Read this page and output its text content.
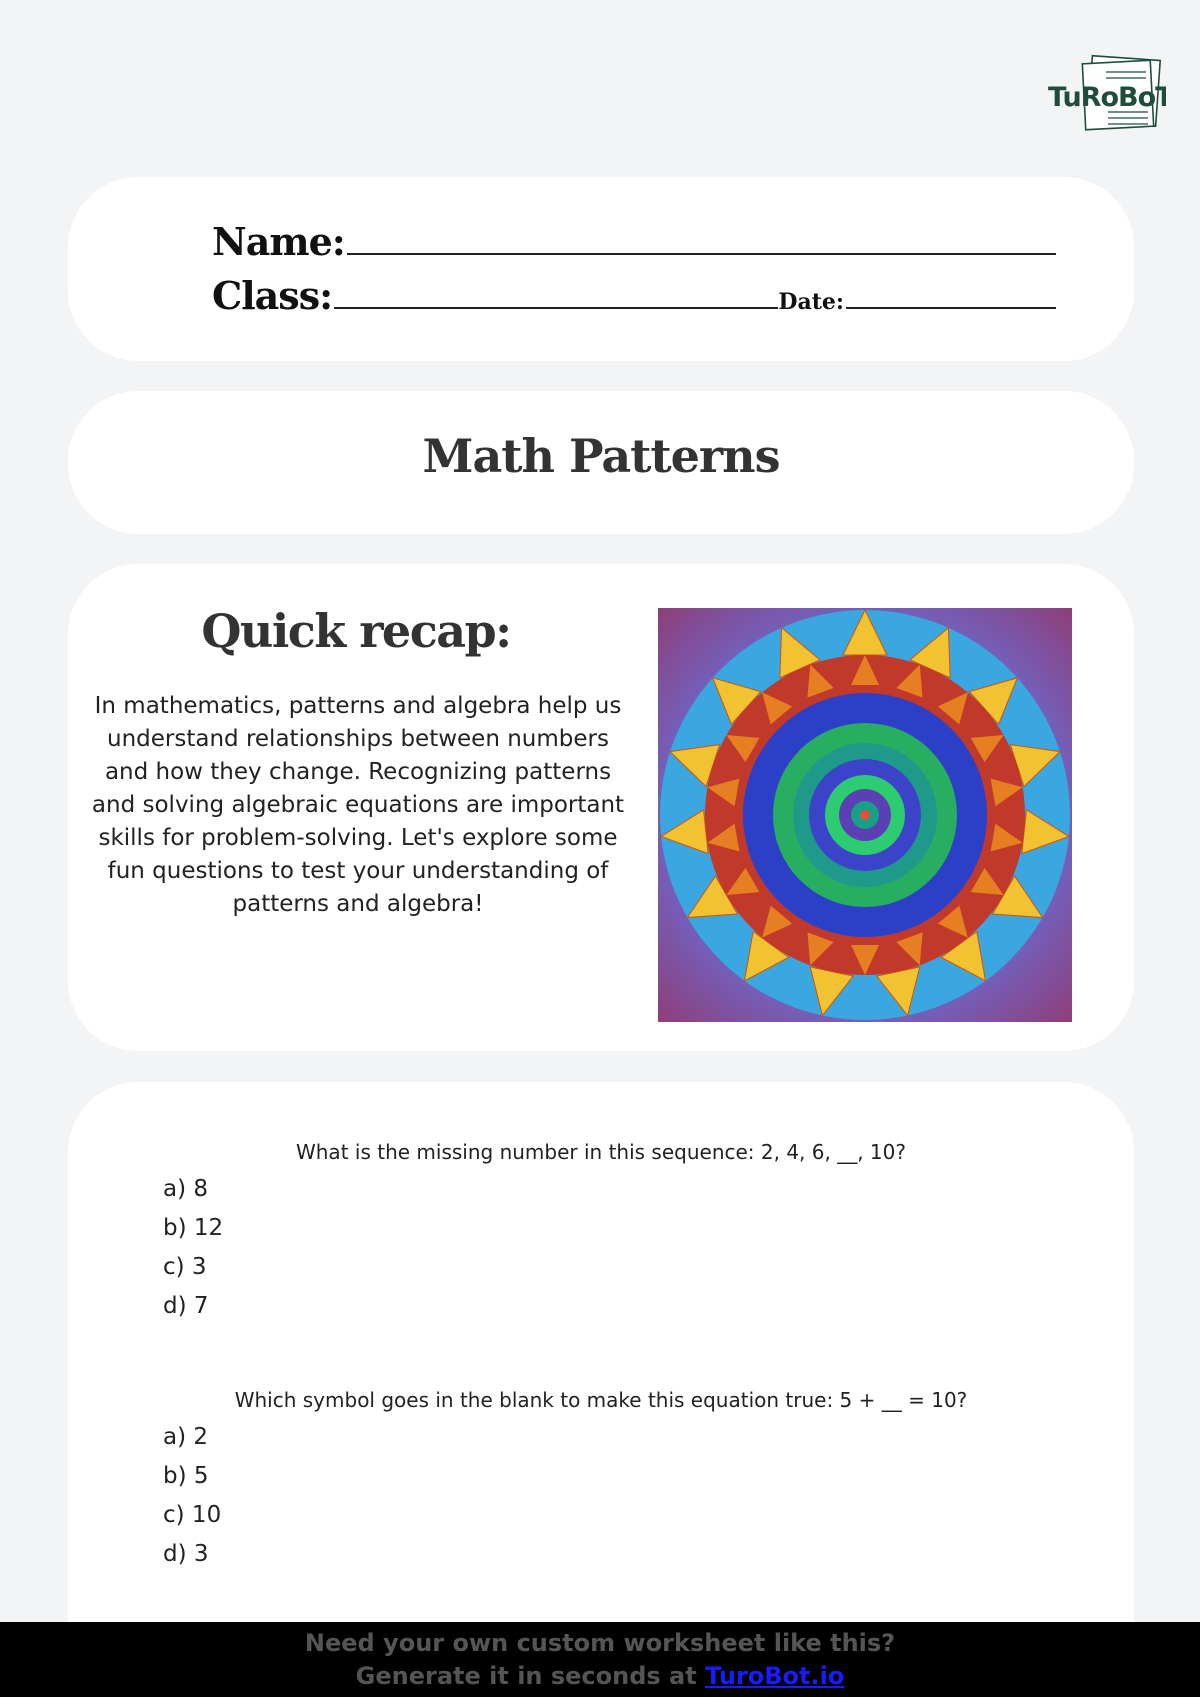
TuRoBoT
Name:
Class:	Date:
Math Patterns
Quick recap:
In mathematics, patterns and algebra help us understand relationships between numbers and how they change. Recognizing patterns and solving algebraic equations are important skills for problem-solving. Let's explore some fun questions to test your understanding of patterns and algebra!
What is the missing number in this sequence: 2, 4, 6, __, 10?
a) 8
b) 12
c) 3
d) 7
Which symbol goes in the blank to make this equation true: 5 + __ = 10?
a) 2
b) 5
c) 10
d) 3
Need your own custom worksheet like this?
Generate it in seconds at TuroBot.io
